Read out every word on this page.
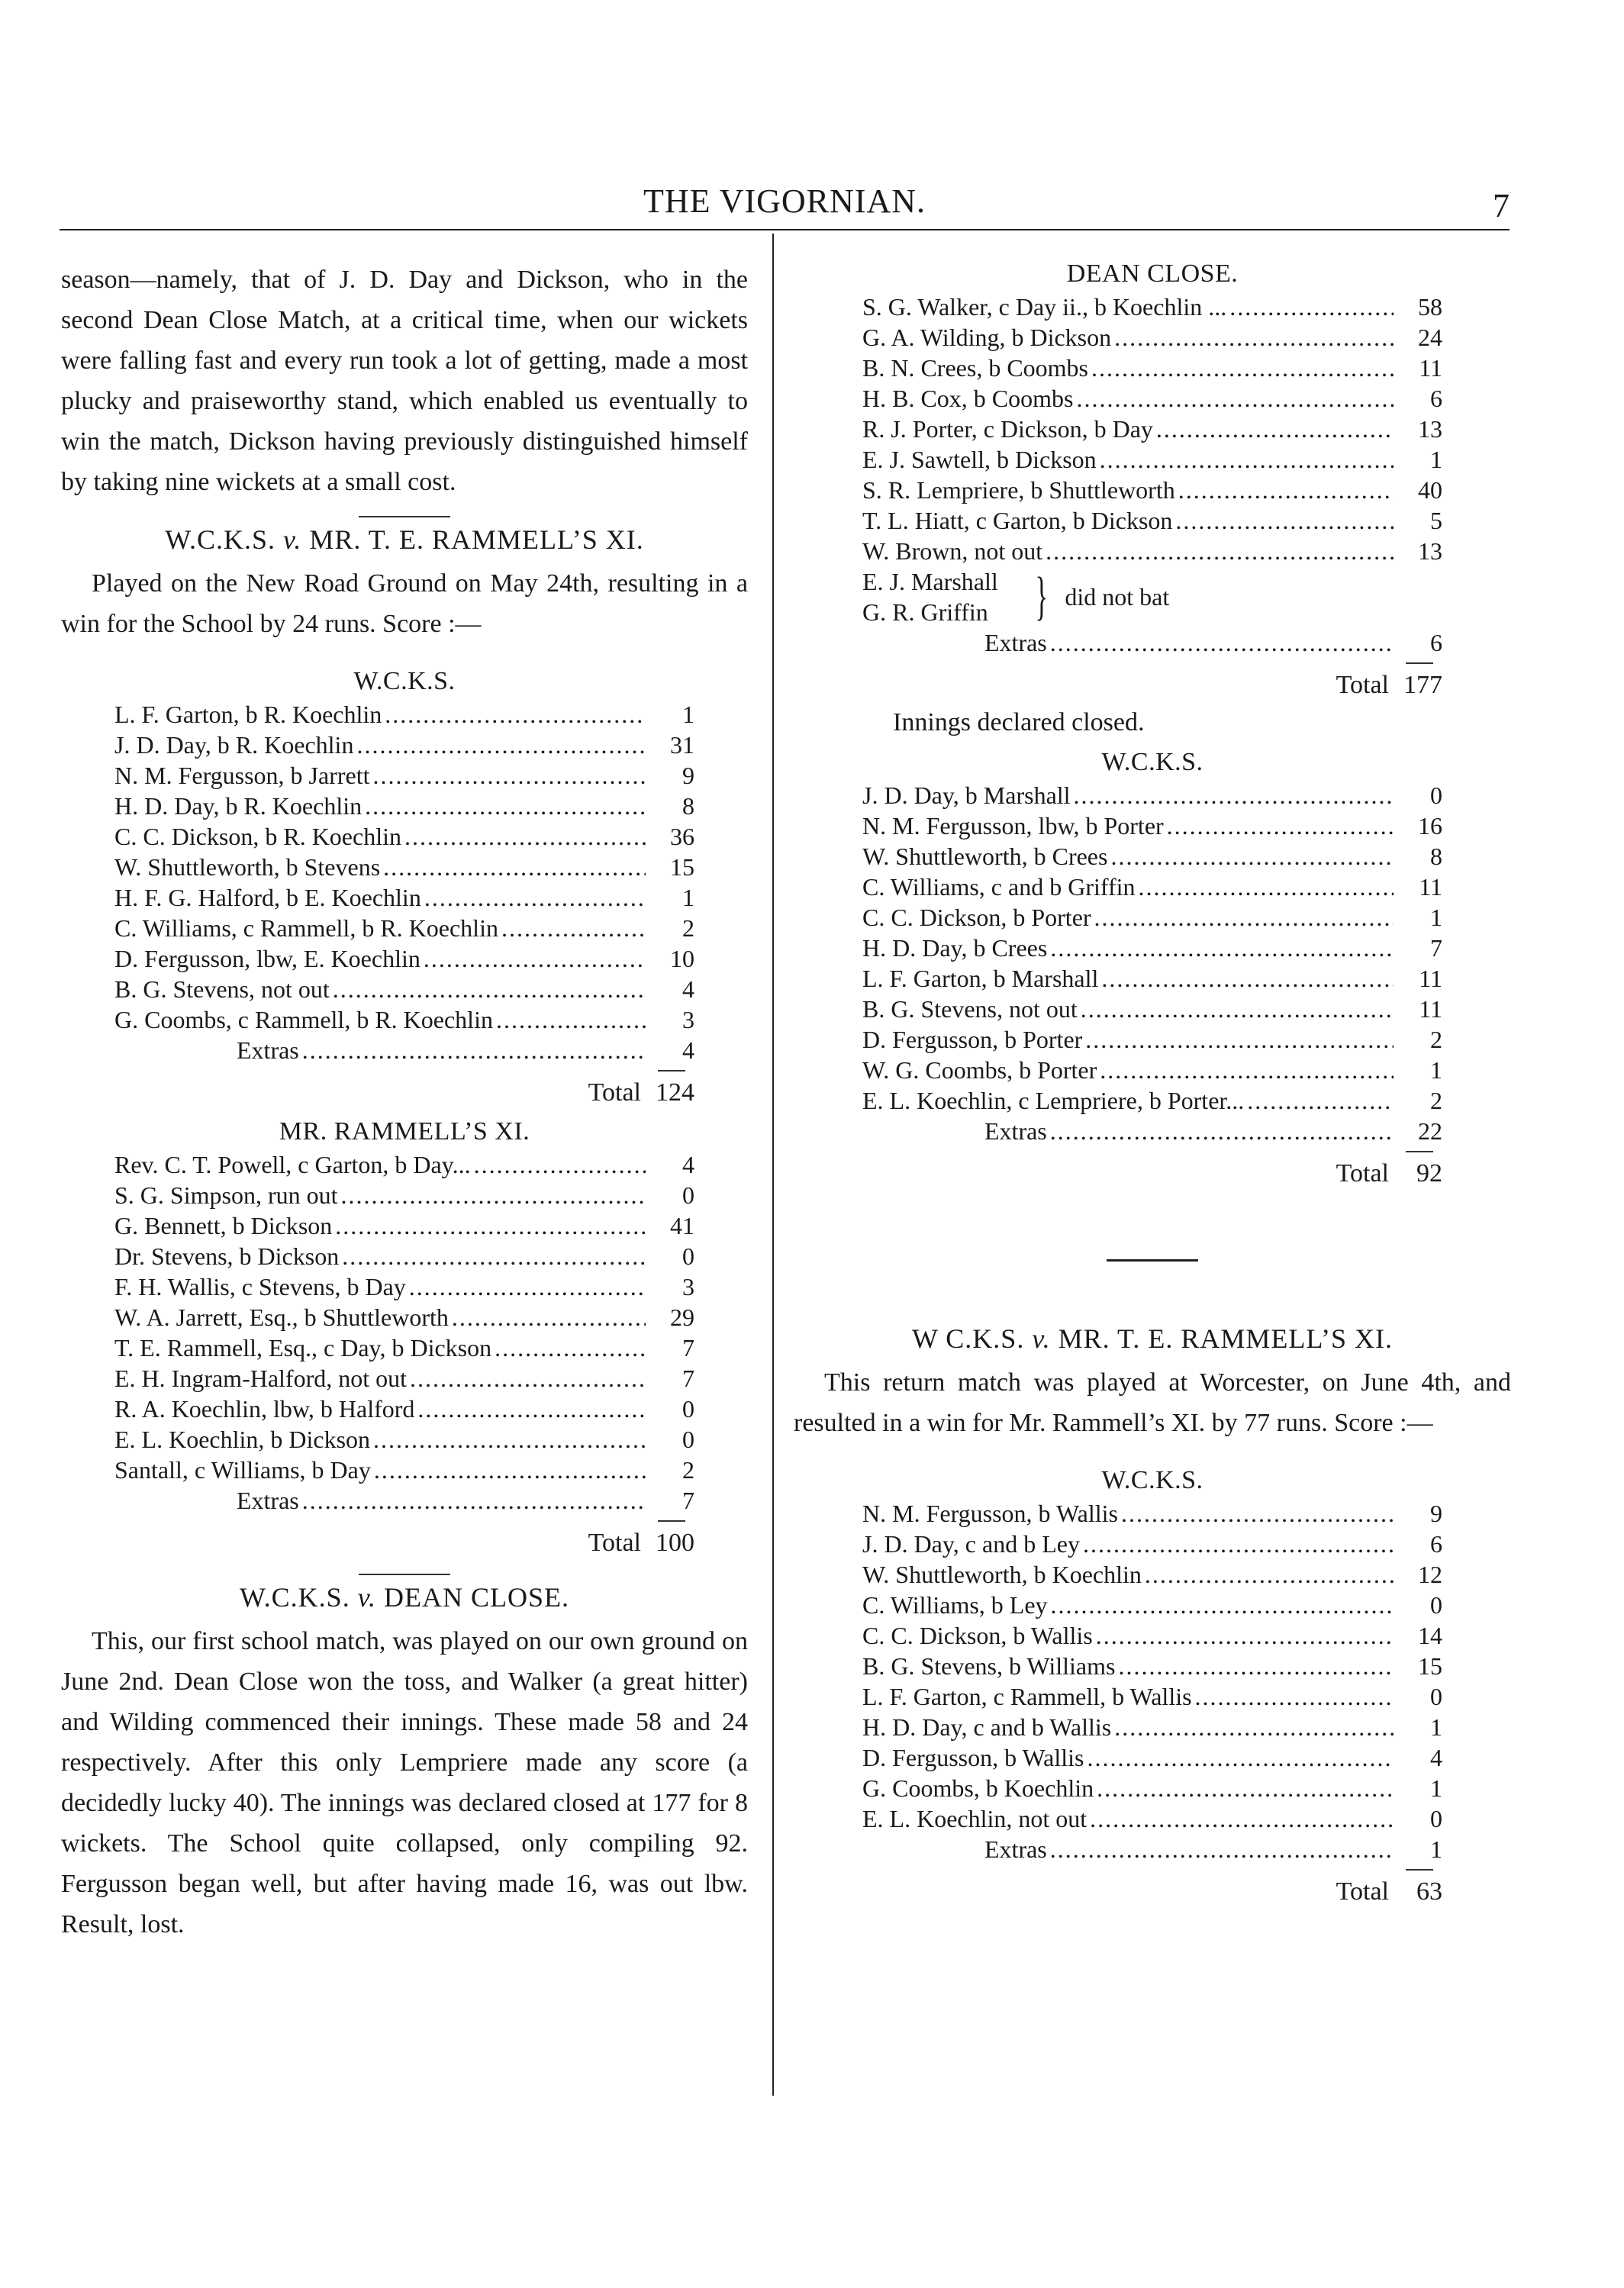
THE VIGORNIAN.	7

season—namely, that of J. D. Day and Dickson, who in the second Dean Close Match, at a critical time, when our wickets were falling fast and every run took a lot of getting, made a most plucky and praiseworthy stand, which enabled us eventually to win the match, Dickson having previously distinguished himself by taking nine wickets at a small cost.

W.C.K.S. v. MR. T. E. RAMMELL’S XI.

Played on the New Road Ground on May 24th, resulting in a win for the School by 24 runs. Score :—

W.C.K.S.
L. F. Garton, b R. Koechlin .....	1
J. D. Day, b R. Koechlin .....	31
N. M. Fergusson, b Jarrett .....	9
H. D. Day, b R. Koechlin .....	8
C. C. Dickson, b R. Koechlin .....	36
W. Shuttleworth, b Stevens .....	15
H. F. G. Halford, b E. Koechlin .....	1
C. Williams, c Rammell, b R. Koechlin .....	2
D. Fergusson, lbw, E. Koechlin .....	10
B. G. Stevens, not out .....	4
G. Coombs, c Rammell, b R. Koechlin .....	3
Extras .....	4
Total 124
MR. RAMMELL’S XI.
Rev. C. T. Powell, c Garton, b Day... .....	4
S. G. Simpson, run out .....	0
G. Bennett, b Dickson .....	41
Dr. Stevens, b Dickson .....	0
F. H. Wallis, c Stevens, b Day .....	3
W. A. Jarrett, Esq., b Shuttleworth .....	29
T. E. Rammell, Esq., c Day, b Dickson .....	7
E. H. Ingram-Halford, not out .....	7
R. A. Koechlin, lbw, b Halford .....	0
E. L. Koechlin, b Dickson .....	0
Santall, c Williams, b Day .....	2
Extras .....	7
Total 100
W.C.K.S. v. DEAN CLOSE.

This, our first school match, was played on our own ground on June 2nd. Dean Close won the toss, and Walker (a great hitter) and Wilding commenced their innings. These made 58 and 24 respectively. After this only Lempriere made any score (a decidedly lucky 40). The innings was declared closed at 177 for 8 wickets. The School quite collapsed, only compiling 92. Fergusson began well, but after having made 16, was out lbw. Result, lost.

DEAN CLOSE.
S. G. Walker, c Day ii., b Koechlin ... .....	58
G. A. Wilding, b Dickson .....	24
B. N. Crees, b Coombs .....	11
H. B. Cox, b Coombs .....	6
R. J. Porter, c Dickson, b Day .....	13
E. J. Sawtell, b Dickson .....	1
S. R. Lempriere, b Shuttleworth .....	40
T. L. Hiatt, c Garton, b Dickson .....	5
W. Brown, not out .....	13
E. J. Marshall
G. R. Griffin } did not bat
Extras .....	6
Total 177
Innings declared closed.
W.C.K.S.
J. D. Day, b Marshall .....	0
N. M. Fergusson, lbw, b Porter .....	16
W. Shuttleworth, b Crees .....	8
C. Williams, c and b Griffin .....	11
C. C. Dickson, b Porter .....	1
H. D. Day, b Crees .....	7
L. F. Garton, b Marshall .....	11
B. G. Stevens, not out .....	11
D. Fergusson, b Porter .....	2
W. G. Coombs, b Porter .....	1
E. L. Koechlin, c Lempriere, b Porter... .....	2
Extras .....	22
Total	92
W C.K.S. v. MR. T. E. RAMMELL’S XI.

This return match was played at Worcester, on June 4th, and resulted in a win for Mr. Rammell’s XI. by 77 runs. Score :—

W.C.K.S.
N. M. Fergusson, b Wallis .....	9
J. D. Day, c and b Ley .....	6
W. Shuttleworth, b Koechlin .....	12
C. Williams, b Ley .....	0
C. C. Dickson, b Wallis .....	14
B. G. Stevens, b Williams .....	15
L. F. Garton, c Rammell, b Wallis .....	0
H. D. Day, c and b Wallis .....	1
D. Fergusson, b Wallis .....	4
G. Coombs, b Koechlin .....	1
E. L. Koechlin, not out .....	0
Extras .....	1
Total	63
